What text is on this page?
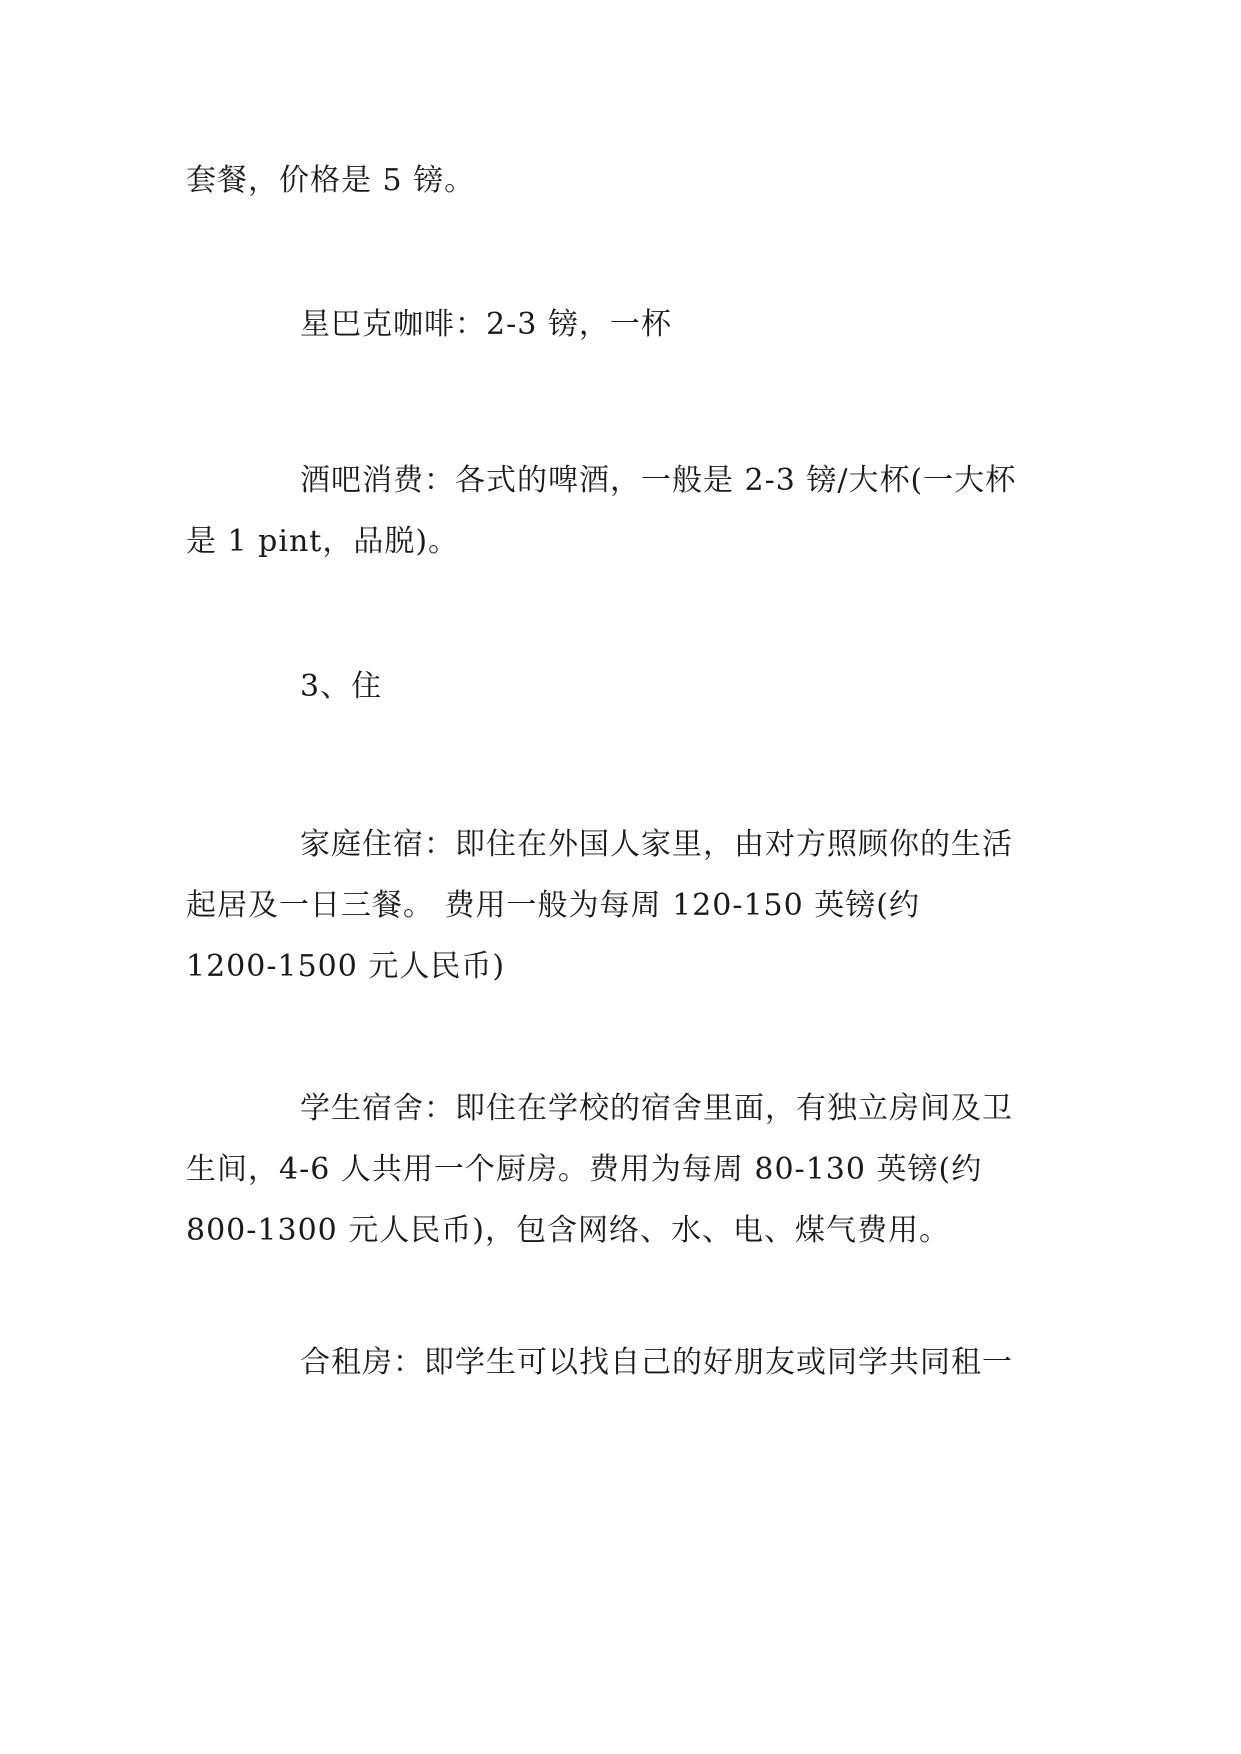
套餐，价格是 5 镑。

星巴克咖啡：2-3 镑，一杯

酒吧消费：各式的啤酒，一般是 2-3 镑/大杯(一大杯
是 1 pint，品脱)。

3、住

家庭住宿：即住在外国人家里，由对方照顾你的生活
起居及一日三餐。 费用一般为每周 120-150 英镑(约
1200-1500 元人民币)

学生宿舍：即住在学校的宿舍里面，有独立房间及卫
生间，4-6 人共用一个厨房。费用为每周 80-130 英镑(约
800-1300 元人民币)，包含网络、水、电、煤气费用。

合租房：即学生可以找自己的好朋友或同学共同租一
